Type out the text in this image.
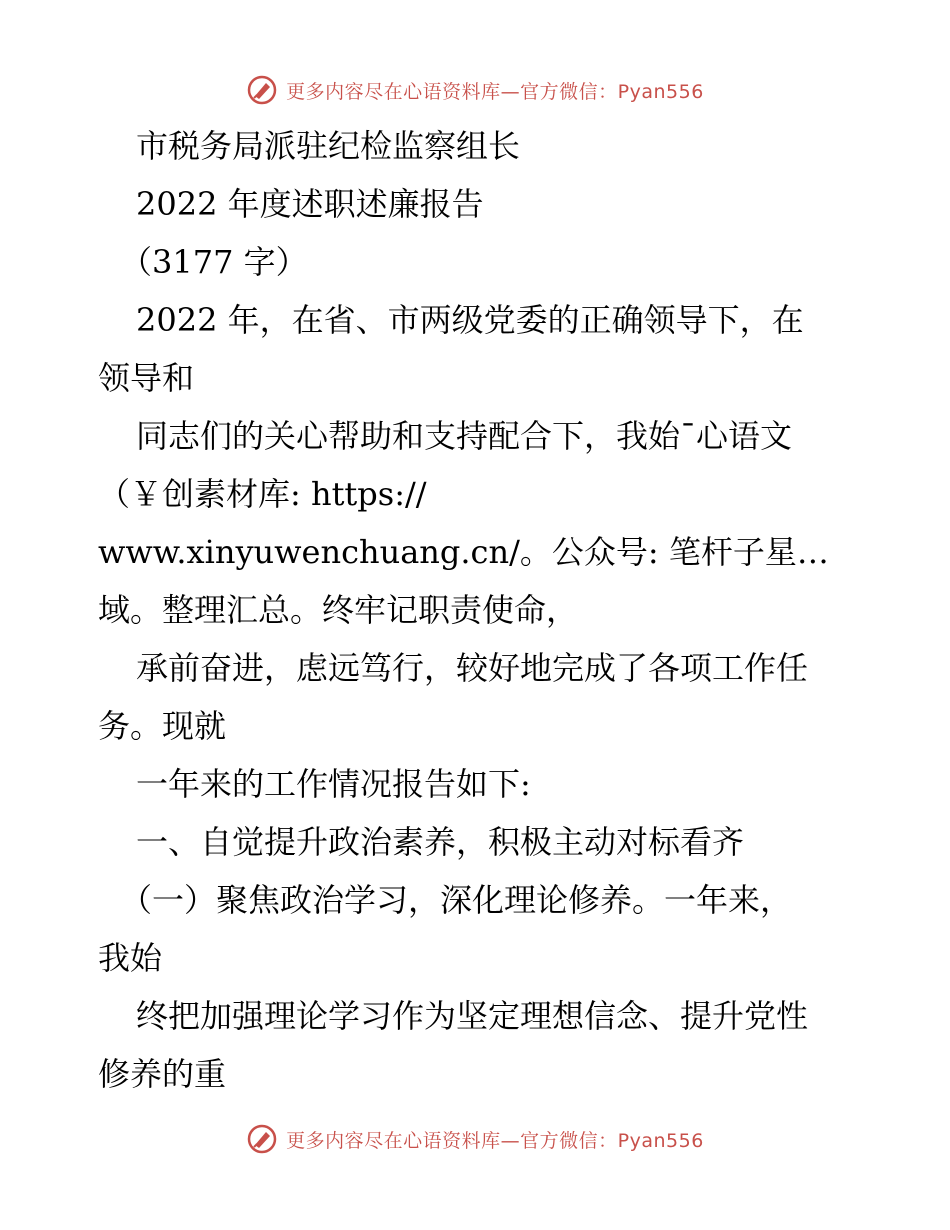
更多内容尽在心语资料库—官方微信：Pyan556
市税务局派驻纪检监察组长
2022 年度述职述廉报告
（3177 字）
2022 年，在省、市两级党委的正确领导下，在
领导和
同志们的关心帮助和支持配合下，我始¯心语文
（￥创素材库: https://
www.xinyuwenchuang.cn/。公众号: 笔杆子星…
域。整理汇总。终牢记职责使命，
承前奋进，虑远笃行，较好地完成了各项工作任
务。现就
一年来的工作情况报告如下:
一、自觉提升政治素养，积极主动对标看齐
（一）聚焦政治学习，深化理论修养。一年来，
我始
终把加强理论学习作为坚定理想信念、提升党性
修养的重
更多内容尽在心语资料库—官方微信：Pyan556
